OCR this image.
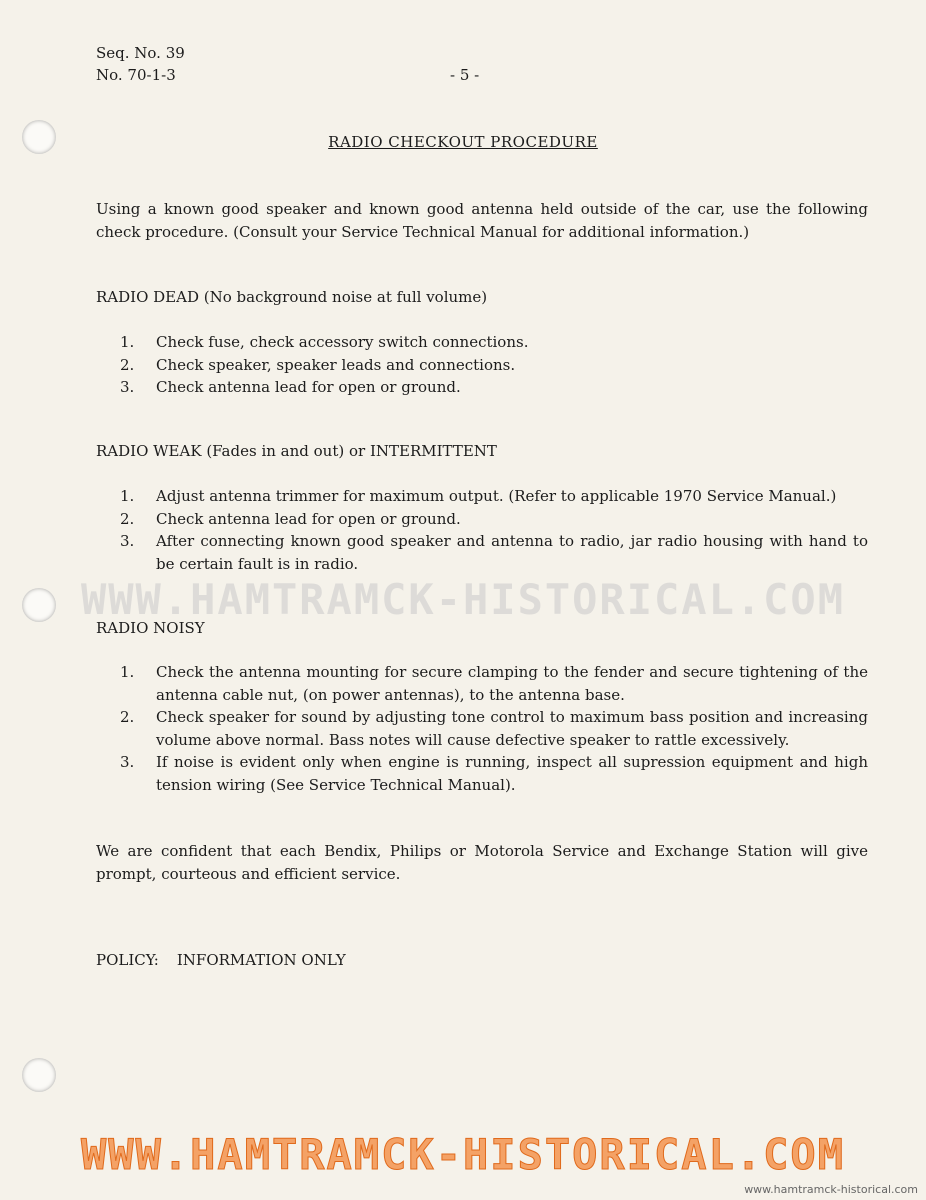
Seq. No. 39
No. 70-1-3	- 5 -
RADIO CHECKOUT PROCEDURE

Using a known good speaker and known good antenna held outside of the car, use the following check procedure. (Consult your Service Technical Manual for additional information.)

RADIO DEAD (No background noise at full volume)

1.	Check fuse, check accessory switch connections.
2.	Check speaker, speaker leads and connections.
3.	Check antenna lead for open or ground.

RADIO WEAK (Fades in and out) or INTERMITTENT

1.	Adjust antenna trimmer for maximum output. (Refer to applicable 1970 Service Manual.)
2.	Check antenna lead for open or ground.
3.	After connecting known good speaker and antenna to radio, jar radio housing with hand to be certain fault is in radio.

RADIO NOISY

1.	Check the antenna mounting for secure clamping to the fender and secure tightening of the antenna cable nut, (on power antennas), to the antenna base.
2.	Check speaker for sound by adjusting tone control to maximum bass position and increasing volume above normal. Bass notes will cause defective speaker to rattle excessively.
3.	If noise is evident only when engine is running, inspect all supression equipment and high tension wiring (See Service Technical Manual).

We are confident that each Bendix, Philips or Motorola Service and Exchange Station will give prompt, courteous and efficient service.

POLICY: INFORMATION ONLY
WWW.HAMTRAMCK-HISTORICAL.COM
WWW.HAMTRAMCK-HISTORICAL.COM
www.hamtramck-historical.com
